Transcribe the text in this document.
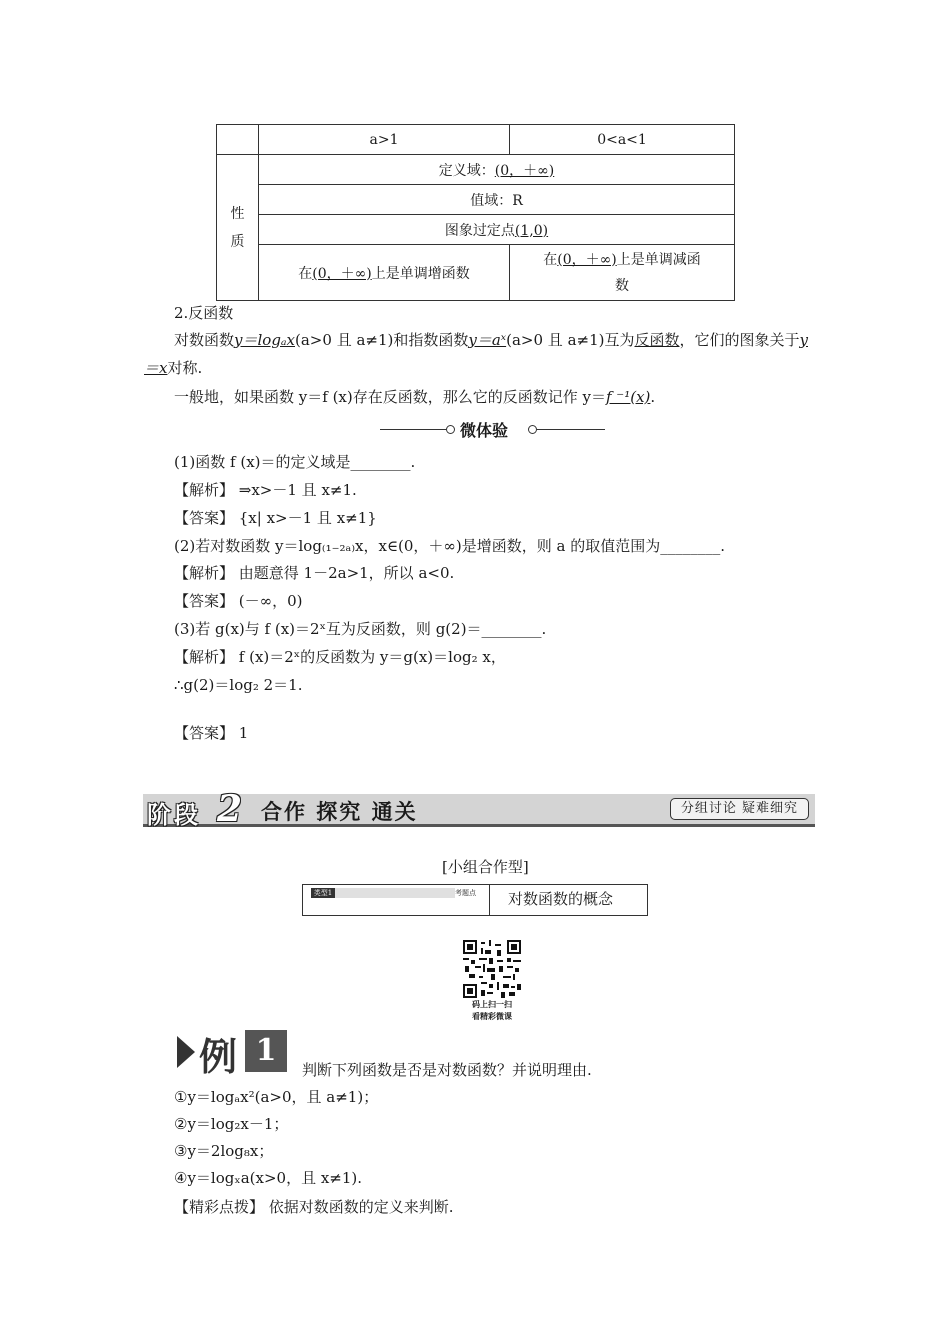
	a>1	0<a<1

性
质	定义域：(0，＋∞)	
	值域：R	
	图象过定点(1,0)	
	在(0，＋∞)上是单调增函数	在(0，＋∞)上是单调减函
数
2.反函数
对数函数y＝logₐx(a>0 且 a≠1)和指数函数y＝aˣ(a>0 且 a≠1)互为反函数，它们的图象关于y＝x对称.
一般地，如果函数 y＝f (x)存在反函数，那么它的反函数记作 y＝f ⁻¹(x).
微体验
(1)函数 f (x)＝的定义域是________.
【解析】 ⇒x>－1 且 x≠1.
【答案】 {x| x>－1 且 x≠1}
(2)若对数函数 y＝log₍₁₋₂ₐ₎x，x∈(0，＋∞)是增函数，则 a 的取值范围为________.
【解析】 由题意得 1－2a>1，所以 a<0.
【答案】 (－∞，0)
(3)若 g(x)与 f (x)＝2ˣ互为反函数，则 g(2)＝________.
【解析】 f (x)＝2ˣ的反函数为 y＝g(x)＝log₂ x，
∴g(2)＝log₂ 2＝1.
【答案】 1
阶段 2 合作 探究 通关	分组讨论 疑难细究
[小组合作型]
类型1	考题点 对数函数的概念
码上扫一扫
看精彩微课
例 1
判断下列函数是否是对数函数？并说明理由.
①y＝logₐx²(a>0，且 a≠1)；
②y＝log₂x－1；
③y＝2log₈x；
④y＝logₓa(x>0，且 x≠1).
【精彩点拨】 依据对数函数的定义来判断.
